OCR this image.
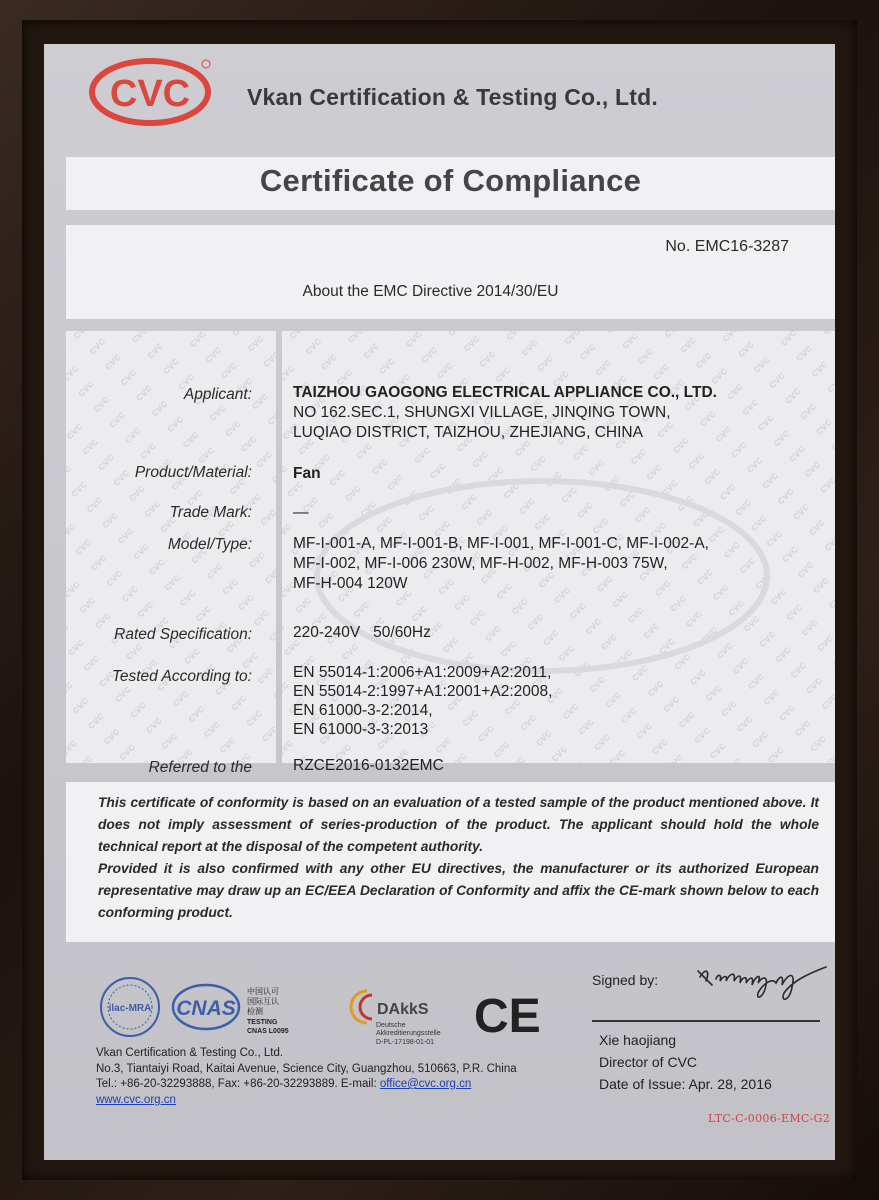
CVC Vkan Certification & Testing Co., Ltd.
Certificate of Compliance
No. EMC16-3287
About the EMC Directive 2014/30/EU
Applicant:
Product/Material:
Trade Mark:
Model/Type:
Rated Specification:
Tested According to:
Referred to the
TAIZHOU GAOGONG ELECTRICAL APPLIANCE CO., LTD.
NO 162.SEC.1, SHUNGXI VILLAGE, JINQING TOWN,
LUQIAO DISTRICT, TAIZHOU, ZHEJIANG, CHINA
Fan
—
MF-I-001-A, MF-I-001-B, MF-I-001, MF-I-001-C, MF-I-002-A,
MF-I-002, MF-I-006 230W, MF-H-002, MF-H-003 75W,
MF-H-004 120W
220-240V   50/60Hz
EN 55014-1:2006+A1:2009+A2:2011,
EN 55014-2:1997+A1:2001+A2:2008,
EN 61000-3-2:2014,
EN 61000-3-3:2013
RZCE2016-0132EMC

This certificate of conformity is based on an evaluation of a tested sample of the product mentioned above. It does not imply assessment of series-production of the product. The applicant should hold the whole technical report at the disposal of the competent authority.

Provided it is also confirmed with any other EU directives, the manufacturer or its authorized European representative may draw up an EC/EEA Declaration of Conformity and affix the CE-mark shown below to each conforming product.

ilac-MRA CNAS
中国认可
国际互认
检测
TESTING
CNAS L0095
DAkkS
Deutsche
Akkreditierungsstelle
D-PL-17198-01-01 CE
Vkan Certification & Testing Co., Ltd.
No.3, Tiantaiyi Road, Kaitai Avenue, Science City, Guangzhou, 510663, P.R. China
Tel.: +86-20-32293888, Fax: +86-20-32293889. E-mail: office@cvc.org.cn
www.cvc.org.cn
Signed by:
Xie haojiang
Director of CVC
Date of Issue: Apr. 28, 2016
LTC-C-0006-EMC-G2
